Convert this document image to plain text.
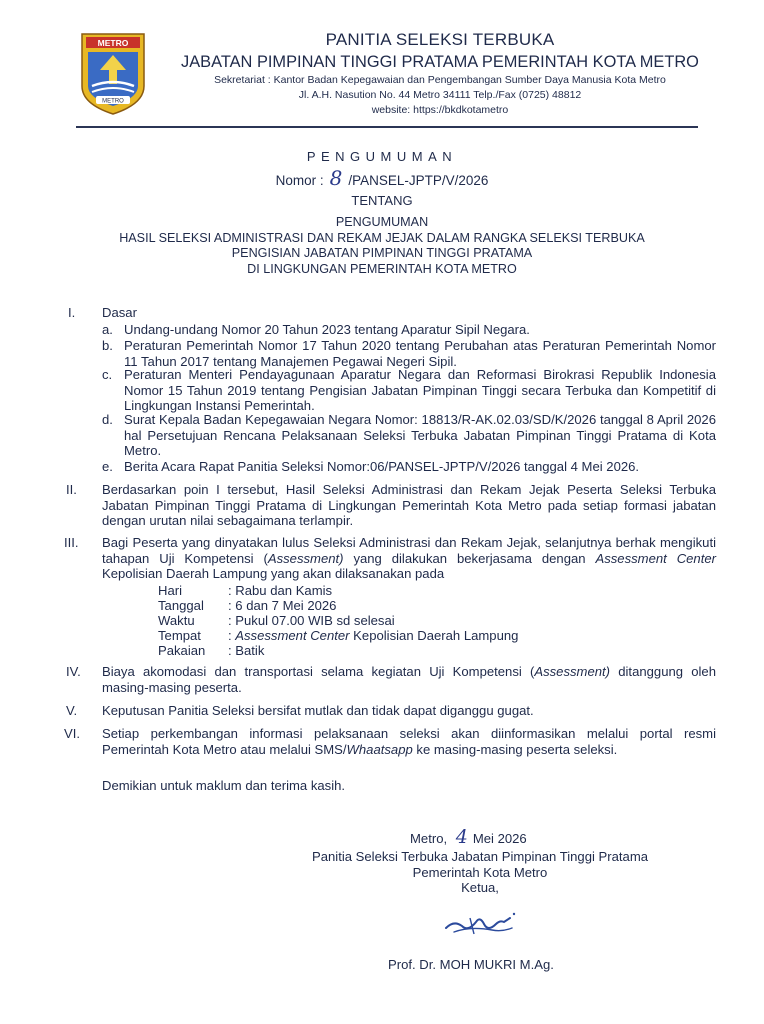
METRO
METRO
PANITIA SELEKSI TERBUKA
JABATAN PIMPINAN TINGGI PRATAMA PEMERINTAH KOTA METRO
Sekretariat : Kantor Badan Kepegawaian dan Pengembangan Sumber Daya Manusia Kota Metro
Jl. A.H. Nasution No. 44 Metro 34111 Telp./Fax (0725) 48812
website: https://bkdkotametro
PENGUMUMAN
Nomor : 8 /PANSEL-JPTP/V/2026
TENTANG
PENGUMUMAN
HASIL SELEKSI ADMINISTRASI DAN REKAM JEJAK DALAM RANGKA SELEKSI TERBUKA
PENGISIAN JABATAN PIMPINAN TINGGI PRATAMA
DI LINGKUNGAN PEMERINTAH KOTA METRO
I. Dasar
a. Undang-undang Nomor 20 Tahun 2023 tentang Aparatur Sipil Negara.
b. Peraturan Pemerintah Nomor 17 Tahun 2020 tentang Perubahan atas Peraturan Pemerintah Nomor 11 Tahun 2017 tentang Manajemen Pegawai Negeri Sipil.
c. Peraturan Menteri Pendayagunaan Aparatur Negara dan Reformasi Birokrasi Republik Indonesia Nomor 15 Tahun 2019 tentang Pengisian Jabatan Pimpinan Tinggi secara Terbuka dan Kompetitif di Lingkungan Instansi Pemerintah.
d. Surat Kepala Badan Kepegawaian Negara Nomor: 18813/R-AK.02.03/SD/K/2026 tanggal 8 April 2026 hal Persetujuan Rencana Pelaksanaan Seleksi Terbuka Jabatan Pimpinan Tinggi Pratama di Kota Metro.
e. Berita Acara Rapat Panitia Seleksi Nomor:06/PANSEL-JPTP/V/2026 tanggal 4 Mei 2026.
II. Berdasarkan poin I tersebut, Hasil Seleksi Administrasi dan Rekam Jejak Peserta Seleksi Terbuka Jabatan Pimpinan Tinggi Pratama di Lingkungan Pemerintah Kota Metro pada setiap formasi jabatan dengan urutan nilai sebagaimana terlampir.
III. Bagi Peserta yang dinyatakan lulus Seleksi Administrasi dan Rekam Jejak, selanjutnya berhak mengikuti tahapan Uji Kompetensi (Assessment) yang dilakukan bekerjasama dengan Assessment Center Kepolisian Daerah Lampung yang akan dilaksanakan pada
Hari	: Rabu dan Kamis
Tanggal : 6 dan 7 Mei 2026
Waktu	: Pukul 07.00 WIB sd selesai
Tempat : Assessment Center Kepolisian Daerah Lampung
Pakaian : Batik
IV. Biaya akomodasi dan transportasi selama kegiatan Uji Kompetensi (Assessment) ditanggung oleh masing-masing peserta.
V. Keputusan Panitia Seleksi bersifat mutlak dan tidak dapat diganggu gugat.
VI. Setiap perkembangan informasi pelaksanaan seleksi akan diinformasikan melalui portal resmi Pemerintah Kota Metro atau melalui SMS/Whaatsapp ke masing-masing peserta seleksi.
Demikian untuk maklum dan terima kasih.
Metro, 4 Mei 2026
Panitia Seleksi Terbuka Jabatan Pimpinan Tinggi Pratama
Pemerintah Kota Metro
Ketua,
Prof. Dr. MOH MUKRI M.Ag.
